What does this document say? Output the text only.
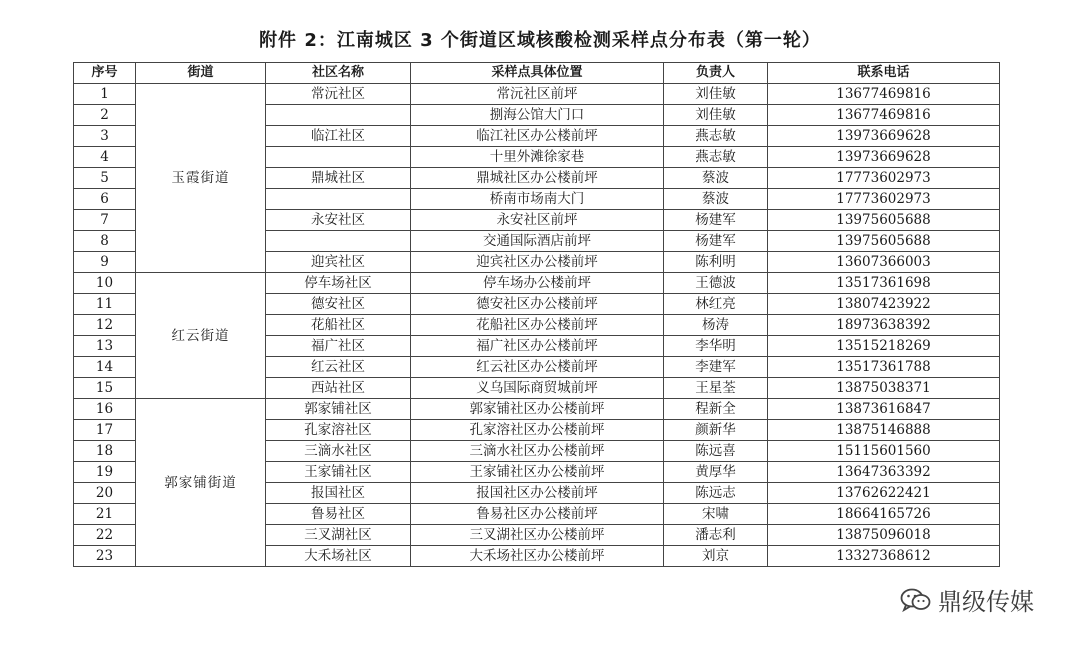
附件 2：江南城区 3 个街道区域核酸检测采样点分布表（第一轮）
序号	街道	社区名称	采样点具体位置	负责人	联系电话
1	玉霞街道	常沅社区	常沅社区前坪	刘佳敏	13677469816
2			捌海公馆大门口	刘佳敏	13677469816
3		临江社区	临江社区办公楼前坪	燕志敏	13973669628
4			十里外滩徐家巷	燕志敏	13973669628
5		鼎城社区	鼎城社区办公楼前坪	蔡波	17773602973
6			桥南市场南大门	蔡波	17773602973
7		永安社区	永安社区前坪	杨建军	13975605688
8			交通国际酒店前坪	杨建军	13975605688
9		迎宾社区	迎宾社区办公楼前坪	陈利明	13607366003
10	红云街道	停车场社区	停车场办公楼前坪	王德波	13517361698
11		德安社区	德安社区办公楼前坪	林红亮	13807423922
12		花船社区	花船社区办公楼前坪	杨涛	18973638392
13		福广社区	福广社区办公楼前坪	李华明	13515218269
14		红云社区	红云社区办公楼前坪	李建军	13517361788
15		西站社区	义乌国际商贸城前坪	王星荃	13875038371
16	郭家铺街道	郭家铺社区	郭家铺社区办公楼前坪	程新全	13873616847
17		孔家溶社区	孔家溶社区办公楼前坪	颜新华	13875146888
18		三滴水社区	三滴水社区办公楼前坪	陈远喜	15115601560
19		王家铺社区	王家铺社区办公楼前坪	黄厚华	13647363392
20		报国社区	报国社区办公楼前坪	陈远志	13762622421
21		鲁易社区	鲁易社区办公楼前坪	宋啸	18664165726
22		三叉湖社区	三叉湖社区办公楼前坪	潘志利	13875096018
23		大禾场社区	大禾场社区办公楼前坪	刘京	13327368612
鼎级传媒
